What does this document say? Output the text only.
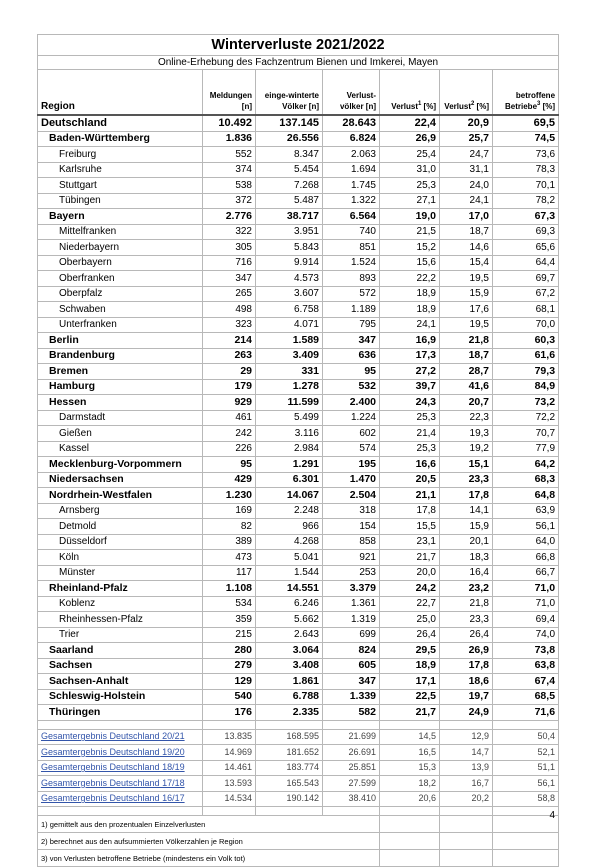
Winterverluste 2021/2022						
Online-Erhebung des Fachzentrum Bienen und Imkerei, Mayen						
Region	Meldungen [n]	einge-winterte Völker [n]	Verlust-völker [n]	Verlust$^1$ [%]	Verlust$^2$ [%]	betroffene Betriebe$^3$ [%]
Deutschland	10.492	137.145	28.643	22,4	20,9	69,5
Baden-Württemberg	1.836	26.556	6.824	26,9	25,7	74,5
Freiburg	552	8.347	2.063	25,4	24,7	73,6
Karlsruhe	374	5.454	1.694	31,0	31,1	78,3
Stuttgart	538	7.268	1.745	25,3	24,0	70,1
Tübingen	372	5.487	1.322	27,1	24,1	78,2
Bayern	2.776	38.717	6.564	19,0	17,0	67,3
Mittelfranken	322	3.951	740	21,5	18,7	69,3
Niederbayern	305	5.843	851	15,2	14,6	65,6
Oberbayern	716	9.914	1.524	15,6	15,4	64,4
Oberfranken	347	4.573	893	22,2	19,5	69,7
Oberpfalz	265	3.607	572	18,9	15,9	67,2
Schwaben	498	6.758	1.189	18,9	17,6	68,1
Unterfranken	323	4.071	795	24,1	19,5	70,0
Berlin	214	1.589	347	16,9	21,8	60,3
Brandenburg	263	3.409	636	17,3	18,7	61,6
Bremen	29	331	95	27,2	28,7	79,3
Hamburg	179	1.278	532	39,7	41,6	84,9
Hessen	929	11.599	2.400	24,3	20,7	73,2
Darmstadt	461	5.499	1.224	25,3	22,3	72,2
Gießen	242	3.116	602	21,4	19,3	70,7
Kassel	226	2.984	574	25,3	19,2	77,9
Mecklenburg-Vorpommern	95	1.291	195	16,6	15,1	64,2
Niedersachsen	429	6.301	1.470	20,5	23,3	68,3
Nordrhein-Westfalen	1.230	14.067	2.504	21,1	17,8	64,8
Arnsberg	169	2.248	318	17,8	14,1	63,9
Detmold	82	966	154	15,5	15,9	56,1
Düsseldorf	389	4.268	858	23,1	20,1	64,0
Köln	473	5.041	921	21,7	18,3	66,8
Münster	117	1.544	253	20,0	16,4	66,7
Rheinland-Pfalz	1.108	14.551	3.379	24,2	23,2	71,0
Koblenz	534	6.246	1.361	22,7	21,8	71,0
Rheinhessen-Pfalz	359	5.662	1.319	25,0	23,3	69,4
Trier	215	2.643	699	26,4	26,4	74,0
Saarland	280	3.064	824	29,5	26,9	73,8
Sachsen	279	3.408	605	18,9	17,8	63,8
Sachsen-Anhalt	129	1.861	347	17,1	18,6	67,4
Schleswig-Holstein	540	6.788	1.339	22,5	19,7	68,5
Thüringen	176	2.335	582	21,7	24,9	71,6

Gesamtergebnis Deutschland 20/21	13.835	168.595	21.699	14,5	12,9	50,4
Gesamtergebnis Deutschland 19/20	14.969	181.652	26.691	16,5	14,7	52,1
Gesamtergebnis Deutschland 18/19	14.461	183.774	25.851	15,3	13,9	51,1
Gesamtergebnis Deutschland 17/18	13.593	165.543	27.599	18,2	16,7	56,1
Gesamtergebnis Deutschland 16/17	14.534	190.142	38.410	20,6	20,2	58,8

1) gemittelt aus den prozentualen Einzelverlusten						
2) berechnet aus den aufsummierten Völkerzahlen je Region						
3) von Verlusten betroffene Betriebe (mindestens ein Volk tot)						
4
